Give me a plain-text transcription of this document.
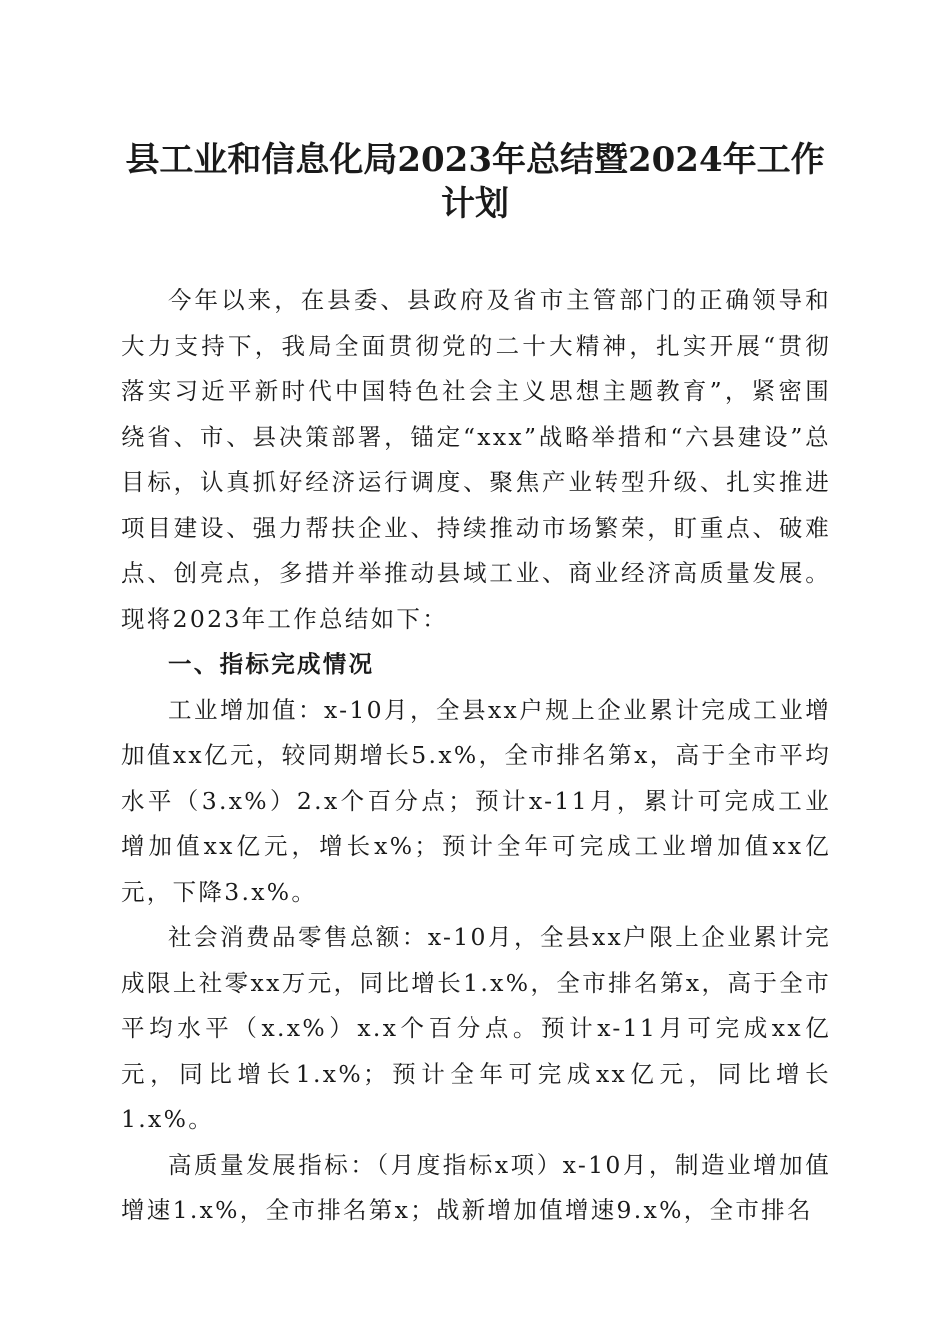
县工业和信息化局2023年总结暨2024年工作
计划

今年以来，在县委、县政府及省市主管部门的正确领导和大力支持下，我局全面贯彻党的二十大精神，扎实开展“贯彻落实习近平新时代中国特色社会主义思想主题教育”，紧密围绕省、市、县决策部署，锚定“xxx”战略举措和“六县建设”总目标，认真抓好经济运行调度、聚焦产业转型升级、扎实推进项目建设、强力帮扶企业、持续推动市场繁荣，盯重点、破难点、创亮点，多措并举推动县域工业、商业经济高质量发展。现将2023年工作总结如下：

一、指标完成情况

工业增加值：x-10月，全县xx户规上企业累计完成工业增加值xx亿元，较同期增长5.x%，全市排名第x，高于全市平均水平（3.x%）2.x个百分点；预计x-11月，累计可完成工业增加值xx亿元，增长x%；预计全年可完成工业增加值xx亿元，下降3.x%。

社会消费品零售总额：x-10月，全县xx户限上企业累计完成限上社零xx万元，同比增长1.x%，全市排名第x，高于全市平均水平（x.x%）x.x个百分点。预计x-11月可完成xx亿元，同比增长1.x%；预计全年可完成xx亿元，同比增长1.x%。

高质量发展指标：（月度指标x项）x-10月，制造业增加值增速1.x%，全市排名第x；战新增加值增速9.x%，全市排名
